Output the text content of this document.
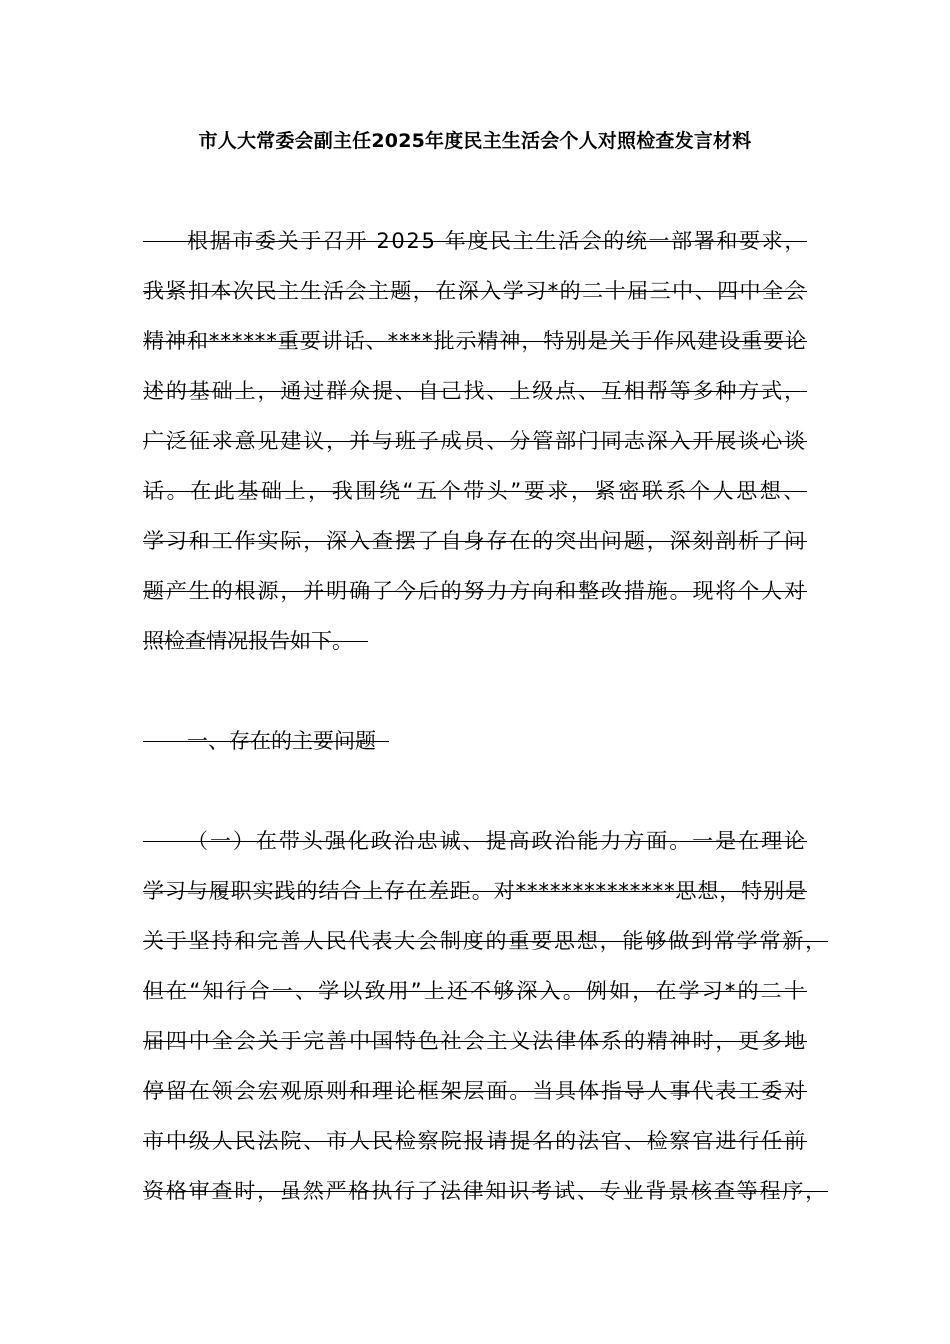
市人大常委会副主任2025年度民主生活会个人对照检查发言材料
根据市委关于召开 2025 年度民主生活会的统一部署和要求，
我紧扣本次民主生活会主题，在深入学习*的二十届三中、四中全会
精神和******重要讲话、****批示精神，特别是关于作风建设重要论
述的基础上，通过群众提、自己找、上级点、互相帮等多种方式，
广泛征求意见建议，并与班子成员、分管部门同志深入开展谈心谈
话。在此基础上，我围绕“五个带头”要求，紧密联系个人思想、
学习和工作实际，深入查摆了自身存在的突出问题，深刻剖析了问
题产生的根源，并明确了今后的努力方向和整改措施。现将个人对
照检查情况报告如下。
一、存在的主要问题
（一）在带头强化政治忠诚、提高政治能力方面。一是在理论
学习与履职实践的结合上存在差距。对**************思想，特别是
关于坚持和完善人民代表大会制度的重要思想，能够做到常学常新，
但在“知行合一、学以致用”上还不够深入。例如，在学习*的二十
届四中全会关于完善中国特色社会主义法律体系的精神时，更多地
停留在领会宏观原则和理论框架层面。当具体指导人事代表工委对
市中级人民法院、市人民检察院报请提名的法官、检察官进行任前
资格审查时，虽然严格执行了法律知识考试、专业背景核查等程序，
